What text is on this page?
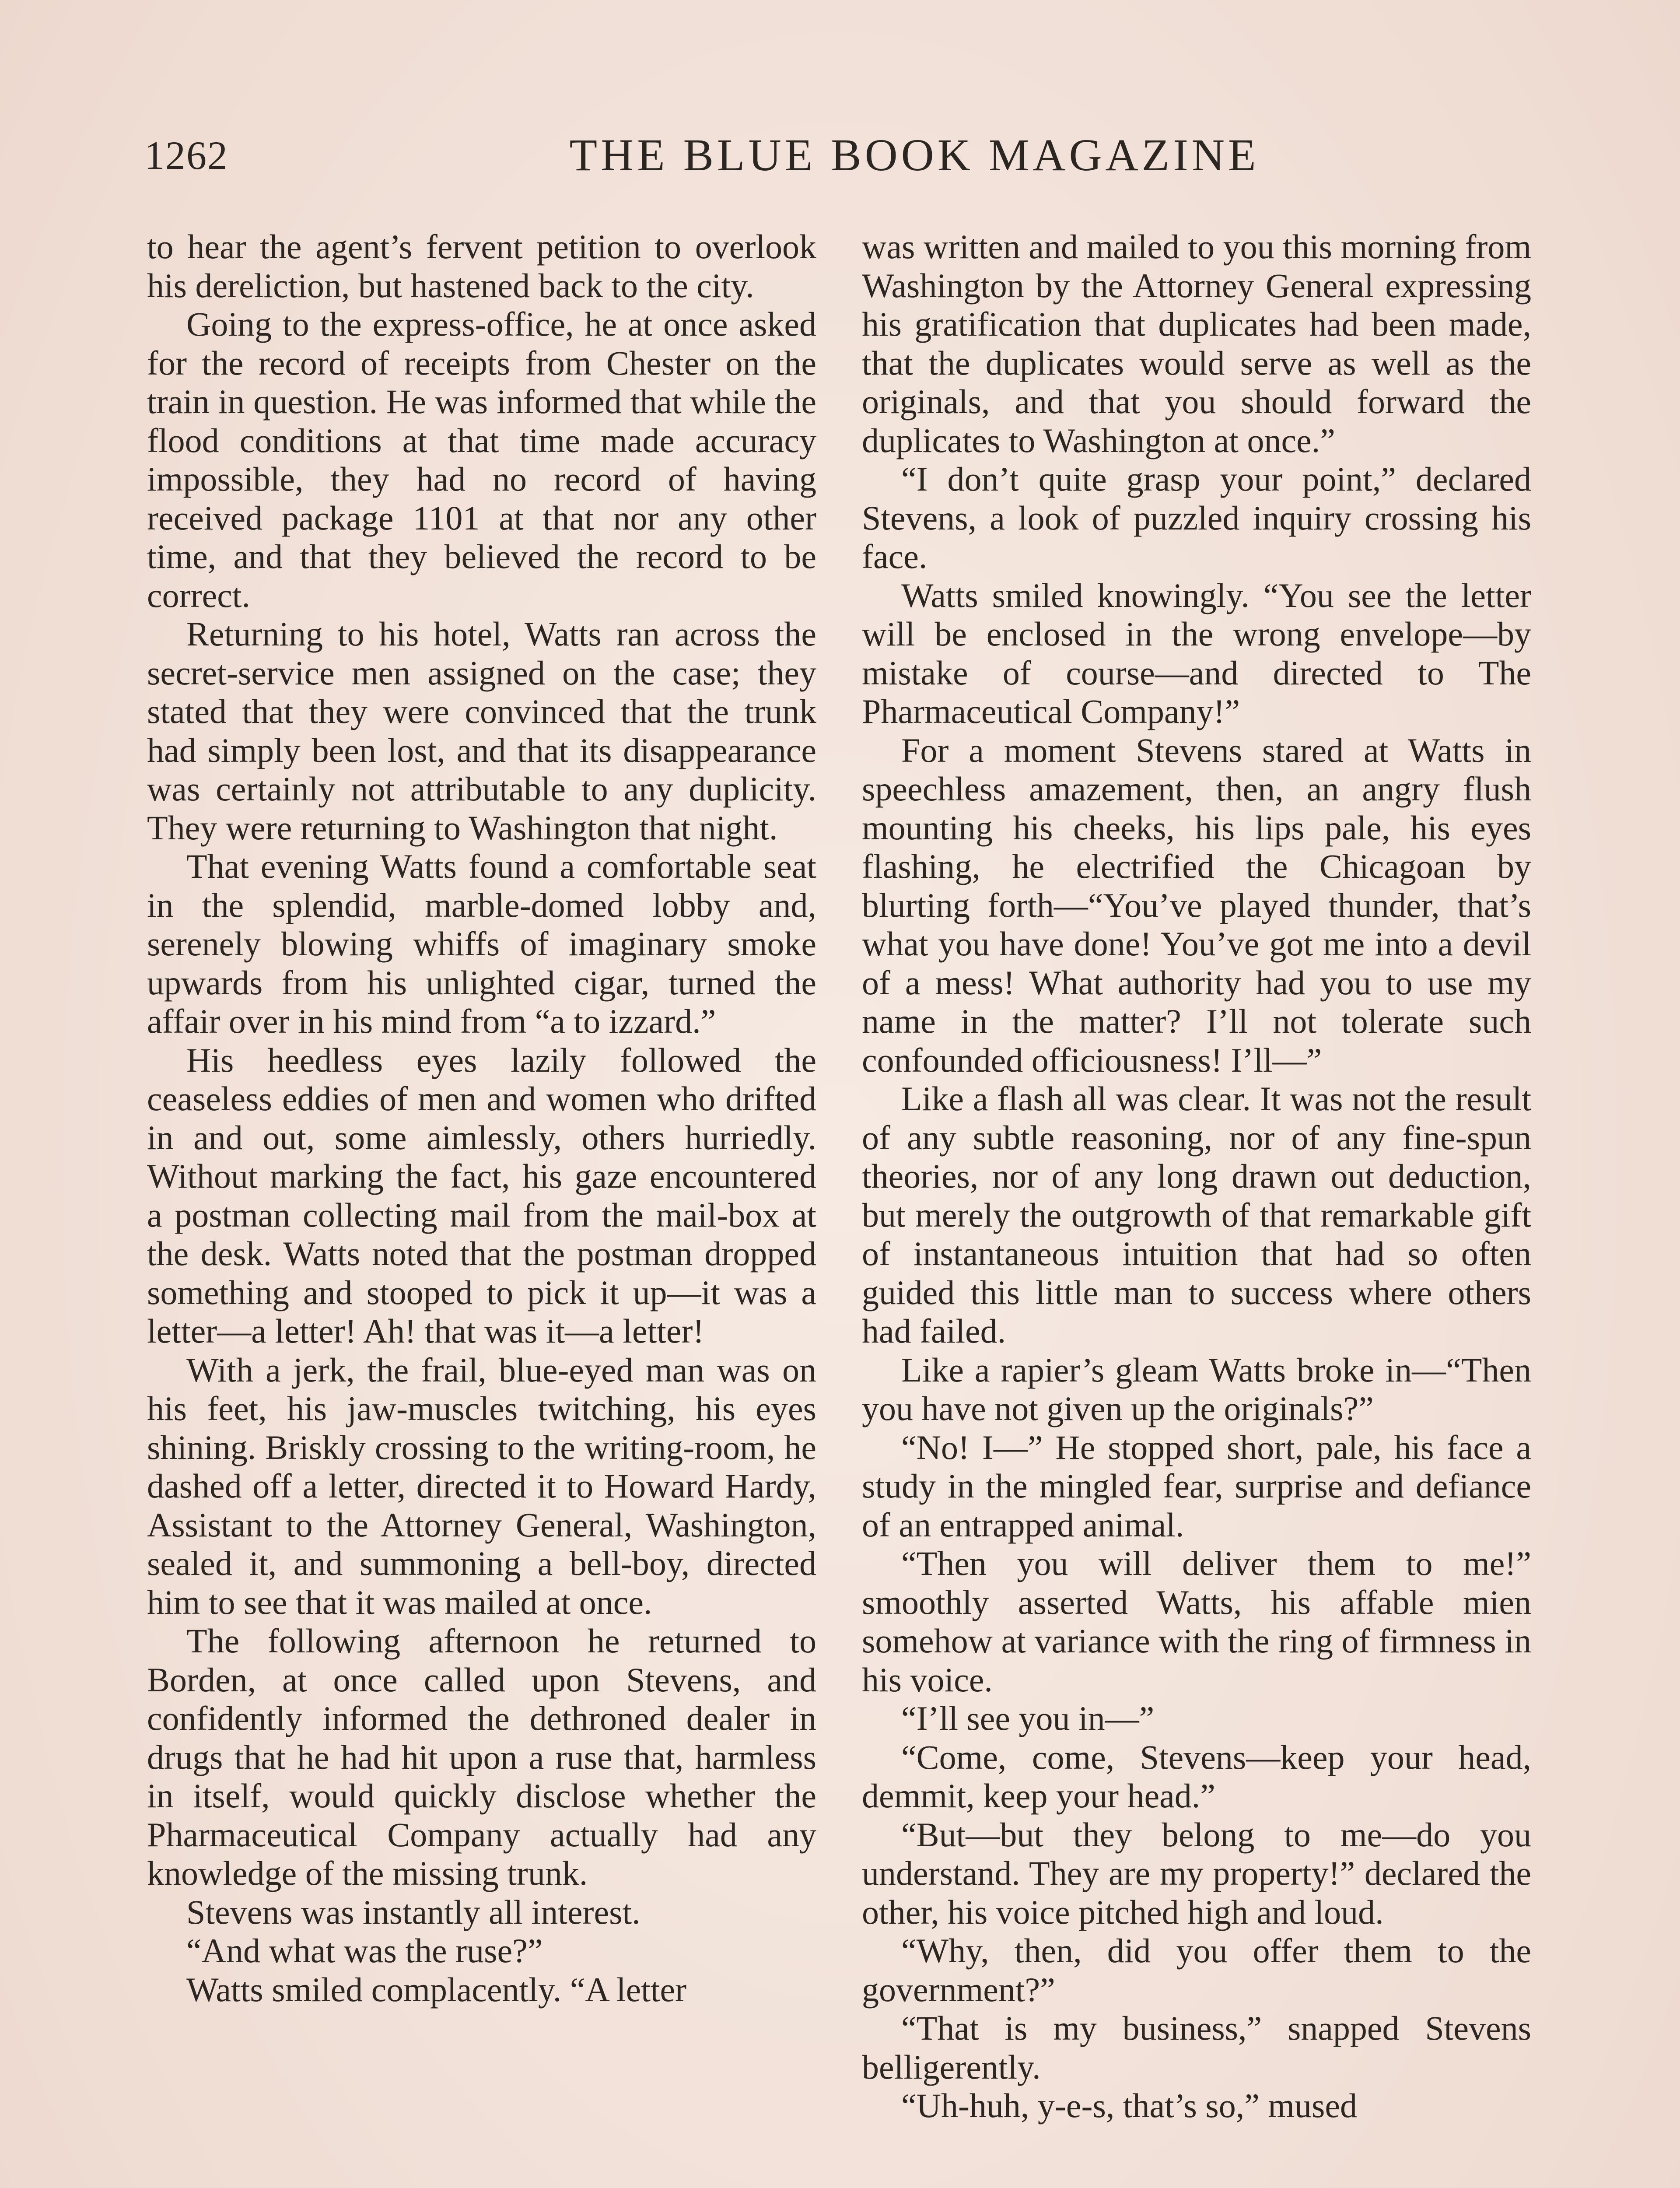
1262	THE BLUE BOOK MAGAZINE

to hear the agent’s fervent petition to overlook his dereliction, but hastened back to the city.

Going to the express-office, he at once asked for the record of receipts from Chester on the train in question. He was informed that while the flood conditions at that time made accuracy impossible, they had no record of having received package 1101 at that nor any other time, and that they believed the record to be correct.

Returning to his hotel, Watts ran across the secret-service men assigned on the case; they stated that they were convinced that the trunk had simply been lost, and that its disappearance was certainly not attributable to any duplicity. They were returning to Washington that night.

That evening Watts found a comfortable seat in the splendid, marble-domed lobby and, serenely blowing whiffs of imaginary smoke upwards from his unlighted cigar, turned the affair over in his mind from “a to izzard.”

His heedless eyes lazily followed the ceaseless eddies of men and women who drifted in and out, some aimlessly, others hurriedly. Without marking the fact, his gaze encountered a postman collecting mail from the mail-box at the desk. Watts noted that the postman dropped something and stooped to pick it up—it was a letter—a letter! Ah! that was it—a letter!

With a jerk, the frail, blue-eyed man was on his feet, his jaw-muscles twitching, his eyes shining. Briskly crossing to the writing-room, he dashed off a letter, directed it to Howard Hardy, Assistant to the Attorney General, Washington, sealed it, and summoning a bell-boy, directed him to see that it was mailed at once.

The following afternoon he returned to Borden, at once called upon Stevens, and confidently informed the dethroned dealer in drugs that he had hit upon a ruse that, harmless in itself, would quickly disclose whether the Pharmaceutical Company actually had any knowledge of the missing trunk.

Stevens was instantly all interest.

“And what was the ruse?”

Watts smiled complacently. “A letter

was written and mailed to you this morning from Washington by the Attorney General expressing his gratification that duplicates had been made, that the duplicates would serve as well as the originals, and that you should forward the duplicates to Washington at once.”

“I don’t quite grasp your point,” declared Stevens, a look of puzzled inquiry crossing his face.

Watts smiled knowingly. “You see the letter will be enclosed in the wrong envelope—by mistake of course—and directed to The Pharmaceutical Company!”

For a moment Stevens stared at Watts in speechless amazement, then, an angry flush mounting his cheeks, his lips pale, his eyes flashing, he electrified the Chicagoan by blurting forth—“You’ve played thunder, that’s what you have done! You’ve got me into a devil of a mess! What authority had you to use my name in the matter? I’ll not tolerate such confounded officiousness! I’ll—”

Like a flash all was clear. It was not the result of any subtle reasoning, nor of any fine-spun theories, nor of any long drawn out deduction, but merely the outgrowth of that remarkable gift of instantaneous intuition that had so often guided this little man to success where others had failed.

Like a rapier’s gleam Watts broke in—“Then you have not given up the originals?”

“No! I—” He stopped short, pale, his face a study in the mingled fear, surprise and defiance of an entrapped animal.

“Then you will deliver them to me!” smoothly asserted Watts, his affable mien somehow at variance with the ring of firmness in his voice.

“I’ll see you in—”

“Come, come, Stevens—keep your head, demmit, keep your head.”

“But—but they belong to me—do you understand. They are my property!” declared the other, his voice pitched high and loud.

“Why, then, did you offer them to the government?”

“That is my business,” snapped Stevens belligerently.

“Uh-huh, y-e-s, that’s so,” mused
